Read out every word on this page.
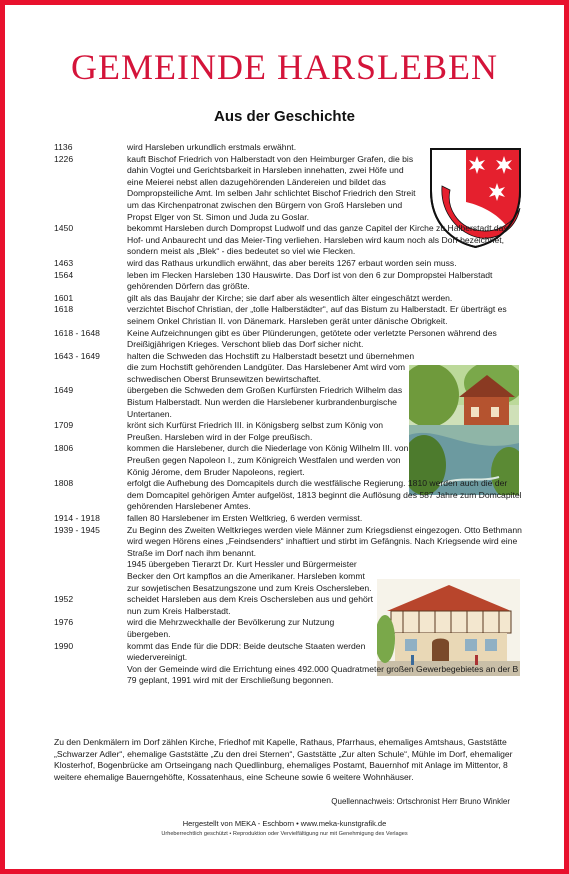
GEMEINDE HARSLEBEN
Aus der Geschichte
1136	wird Harsleben urkundlich erstmals erwähnt.
1226	kauft Bischof Friedrich von Halberstadt von den Heimburger Grafen, die bis dahin Vogtei und Gerichtsbarkeit in Harsleben innehatten, zwei Höfe und eine Meierei nebst allen dazugehörenden Ländereien und bildet das Dompropsteiliche Amt. Im selben Jahr schlichtet Bischof Friedrich den Streit um das Kirchenpatronat zwischen den Bürgern von Groß Harsleben und Propst Elger von St. Simon und Juda zu Goslar.
1450	bekommt Harsleben durch Dompropst Ludwolf und das ganze Capitel der Kirche zu Halberstadt das Hof- und Anbaurecht und das Meier-Ting verliehen. Harsleben wird kaum noch als Dorf bezeichnet, sondern meist als „Blek“ - dies bedeutet so viel wie Flecken.
1463	wird das Rathaus urkundlich erwähnt, das aber bereits 1267 erbaut worden sein muss.
1564	leben im Flecken Harsleben 130 Hauswirte. Das Dorf ist von den 6 zur Dompropstei Halberstadt gehörenden Dörfern das größte.
1601	gilt als das Baujahr der Kirche; sie darf aber als wesentlich älter eingeschätzt werden.
1618	verzichtet Bischof Christian, der „tolle Halberstädter“, auf das Bistum zu Halberstadt. Er überträgt es seinem Onkel Christian II. von Dänemark. Harsleben gerät unter dänische Obrigkeit.
1618 - 1648	Keine Aufzeichnungen gibt es über Plünderungen, getötete oder verletzte Personen während des Dreißigjährigen Krieges. Verschont blieb das Dorf sicher nicht.
1643 - 1649	halten die Schweden das Hochstift zu Halberstadt besetzt und übernehmen die zum Hochstift gehörenden Landgüter. Das Harslebener Amt wird vom schwedischen Oberst Brunsewitzen bewirtschaftet.
1649	übergeben die Schweden dem Großen Kurfürsten Friedrich Wilhelm das Bistum Halberstadt. Nun werden die Harslebener kurbrandenburgische Untertanen.
1709	krönt sich Kurfürst Friedrich III. in Königsberg selbst zum König von Preußen. Harsleben wird in der Folge preußisch.
1806	kommen die Harslebener, durch die Niederlage von König Wilhelm III. von Preußen gegen Napoleon I., zum Königreich Westfalen und werden von König Jérome, dem Bruder Napoleons, regiert.
1808	erfolgt die Aufhebung des Domcapitels durch die westfälische Regierung. 1810 werden auch die der dem Domcapitel gehörigen Ämter aufgelöst, 1813 beginnt die Auflösung des 587 Jahre zum Domcapitel gehörenden Harslebener Amtes.
1914 - 1918	fallen 80 Harslebener im Ersten Weltkrieg, 6 werden vermisst.
1939 - 1945	Zu Beginn des Zweiten Weltkrieges werden viele Männer zum Kriegsdienst eingezogen. Otto Bethmann wird wegen Hörens eines „Feindsenders“ inhaftiert und stirbt im Gefängnis. Nach Kriegsende wird eine Straße im Dorf nach ihm benannt.
1945 übergeben Tierarzt Dr. Kurt Hessler und Bürgermeister Becker den Ort kampflos an die Amerikaner. Harsleben kommt zur sowjetischen Besatzungszone und zum Kreis Oschersleben.
1952	scheidet Harsleben aus dem Kreis Oschersleben aus und gehört nun zum Kreis Halberstadt.
1976	wird die Mehrzweckhalle der Bevölkerung zur Nutzung übergeben.
1990	kommt das Ende für die DDR: Beide deutsche Staaten werden wiedervereinigt.
Von der Gemeinde wird die Errichtung eines 492.000 Quadratmeter großen Gewerbegebietes an der B 79 geplant, 1991 wird mit der Erschließung begonnen.
Zu den Denkmälern im Dorf zählen Kirche, Friedhof mit Kapelle, Rathaus, Pfarrhaus, ehemaliges Amtshaus, Gaststätte „Schwarzer Adler“, ehemalige Gaststätte „Zu den drei Sternen“, Gaststätte „Zur alten Schule“, Mühle im Dorf, ehemaliger Klosterhof, Bogenbrücke am Ortseingang nach Quedlinburg, ehemaliges Postamt, Bauernhof mit Anlage im Mittentor, 8 weitere ehemalige Bauerngehöfte, Kossatenhaus, eine Scheune sowie 6 weitere Wohnhäuser.
Quellennachweis: Ortschronist Herr Bruno Winkler
Hergestellt von MEKA - Eschborn • www.meka-kunstgrafik.de
Urheberrechtlich geschützt • Reproduktion oder Vervielfältigung nur mit Genehmigung des Verlages
